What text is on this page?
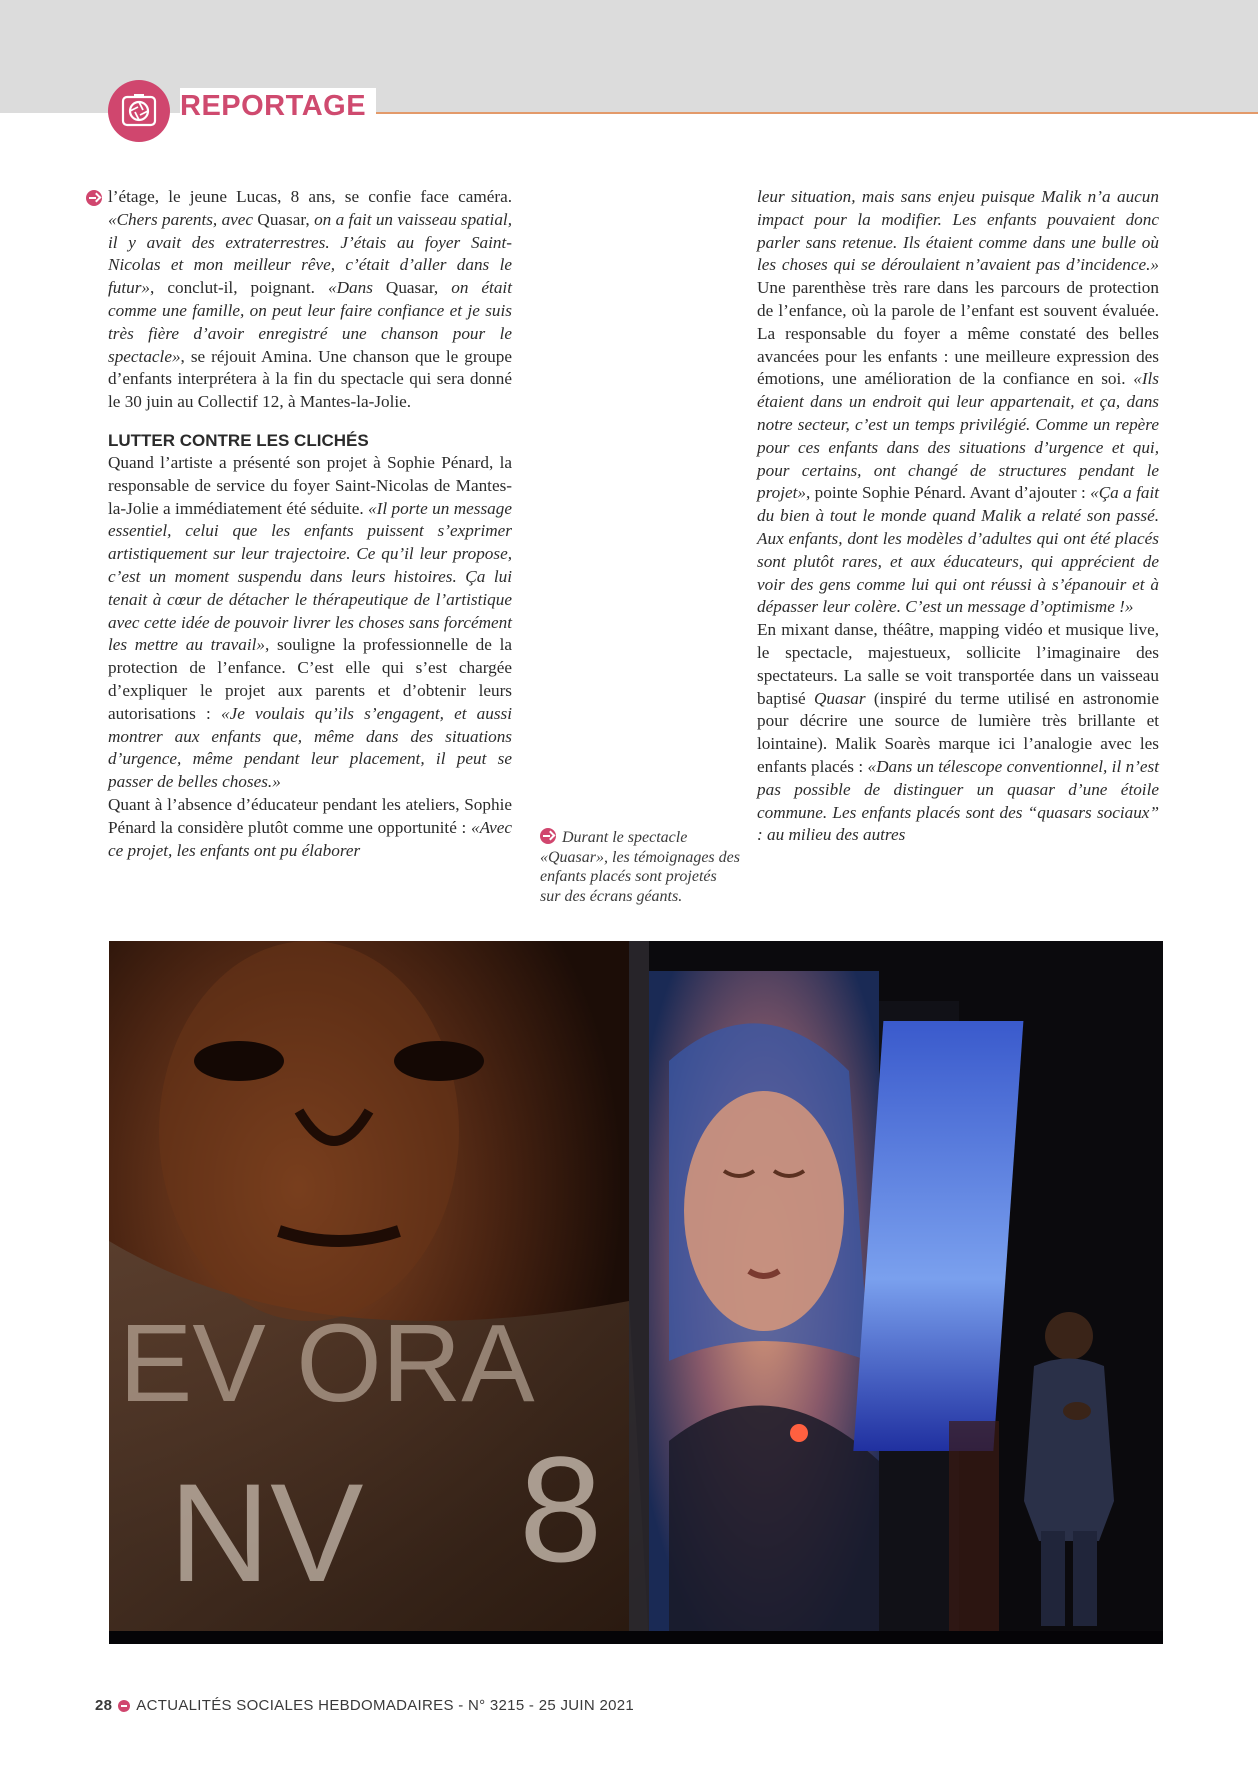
REPORTAGE

l’étage, le jeune Lucas, 8 ans, se confie face caméra. «Chers parents, avec Quasar, on a fait un vaisseau spatial, il y avait des extraterrestres. J’étais au foyer Saint-Nicolas et mon meilleur rêve, c’était d’aller dans le futur», conclut-il, poignant. «Dans Quasar, on était comme une famille, on peut leur faire confiance et je suis très fière d’avoir enregistré une chanson pour le spectacle», se réjouit Amina. Une chanson que le groupe d’enfants interprétera à la fin du spectacle qui sera donné le 30 juin au Collectif 12, à Mantes-la-Jolie.

LUTTER CONTRE LES CLICHÉS

Quand l’artiste a présenté son projet à Sophie Pénard, la responsable de service du foyer Saint-Nicolas de Mantes-la-Jolie a immédiatement été séduite. «Il porte un message essentiel, celui que les enfants puissent s’exprimer artistiquement sur leur trajectoire. Ce qu’il leur propose, c’est un moment suspendu dans leurs histoires. Ça lui tenait à cœur de détacher le thérapeutique de l’artistique avec cette idée de pouvoir livrer les choses sans forcément les mettre au travail», souligne la professionnelle de la protection de l’enfance. C’est elle qui s’est chargée d’expliquer le projet aux parents et d’obtenir leurs autorisations : «Je voulais qu’ils s’engagent, et aussi montrer aux enfants que, même dans des situations d’urgence, même pendant leur placement, il peut se passer de belles choses.»

Quant à l’absence d’éducateur pendant les ateliers, Sophie Pénard la considère plutôt comme une opportunité : «Avec ce projet, les enfants ont pu élaborer

leur situation, mais sans enjeu puisque Malik n’a aucun impact pour la modifier. Les enfants pouvaient donc parler sans retenue. Ils étaient comme dans une bulle où les choses qui se déroulaient n’avaient pas d’incidence.» Une parenthèse très rare dans les parcours de protection de l’enfance, où la parole de l’enfant est souvent évaluée. La responsable du foyer a même constaté des belles avancées pour les enfants : une meilleure expression des émotions, une amélioration de la confiance en soi. «Ils étaient dans un endroit qui leur appartenait, et ça, dans notre secteur, c’est un temps privilégié. Comme un repère pour ces enfants dans des situations d’urgence et qui, pour certains, ont changé de structures pendant le projet», pointe Sophie Pénard. Avant d’ajouter : «Ça a fait du bien à tout le monde quand Malik a relaté son passé. Aux enfants, dont les modèles d’adultes qui ont été placés sont plutôt rares, et aux éducateurs, qui apprécient de voir des gens comme lui qui ont réussi à s’épanouir et à dépasser leur colère. C’est un message d’optimisme !»

En mixant danse, théâtre, mapping vidéo et musique live, le spectacle, majestueux, sollicite l’imaginaire des spectateurs. La salle se voit transportée dans un vaisseau baptisé Quasar (inspiré du terme utilisé en astronomie pour décrire une source de lumière très brillante et lointaine). Malik Soarès marque ici l’analogie avec les enfants placés : «Dans un télescope conventionnel, il n’est pas possible de distinguer un quasar d’une étoile commune. Les enfants placés sont des “quasars sociaux” : au milieu des autres

Durant le spectacle «Quasar», les témoignages des enfants placés sont projetés sur des écrans géants.
EV ORA
NV 8
28 ACTUALITÉS SOCIALES HEBDOMADAIRES - N° 3215 - 25 JUIN 2021
